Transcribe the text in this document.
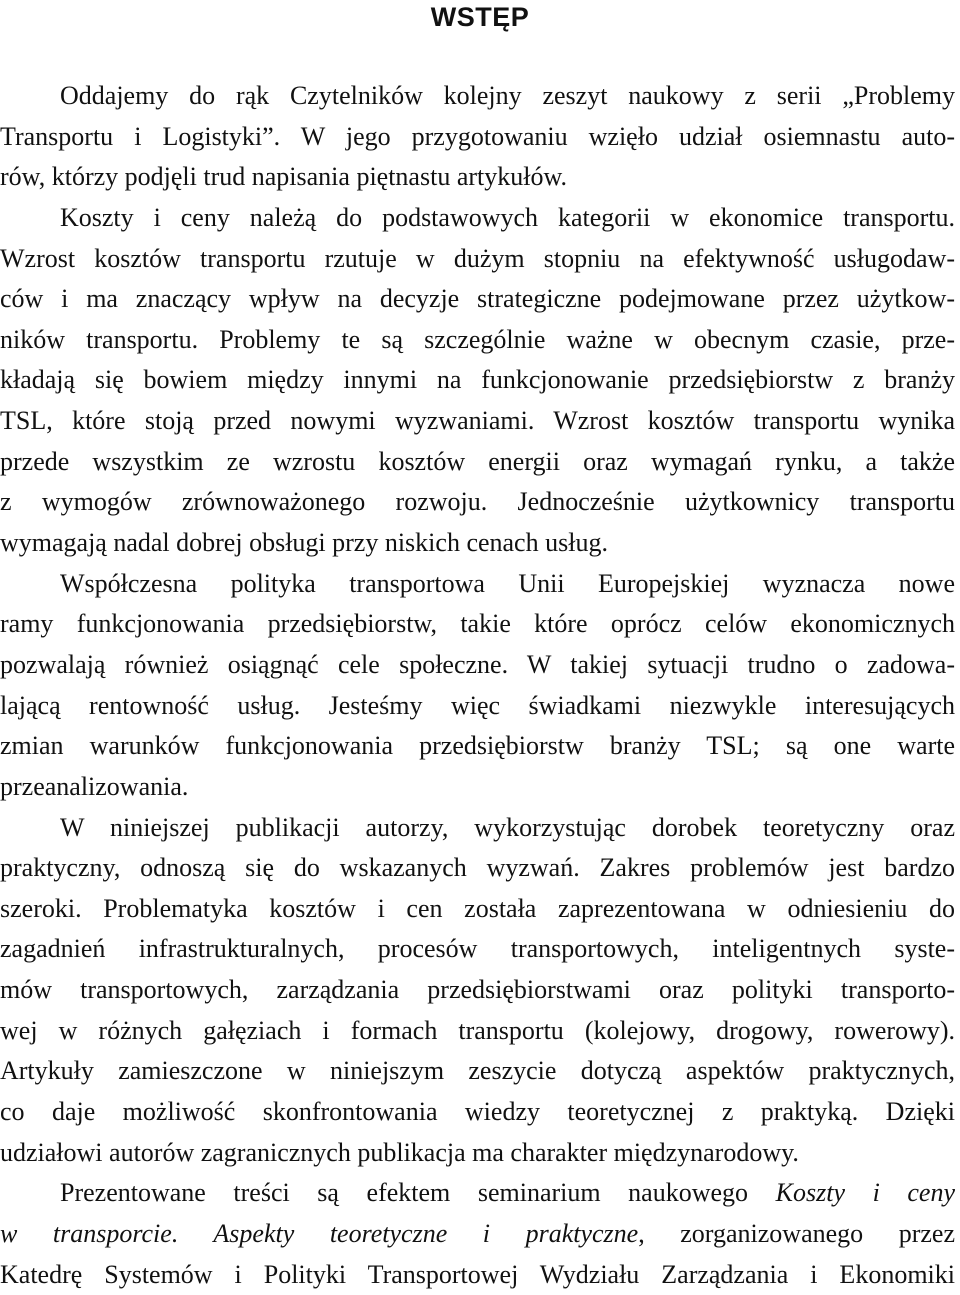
WSTĘP
Oddajemy do rąk Czytelników kolejny zeszyt naukowy z serii „Problemy
Transportu i Logistyki”. W jego przygotowaniu wzięło udział osiemnastu auto-
rów, którzy podjęli trud napisania piętnastu artykułów.
Koszty i ceny należą do podstawowych kategorii w ekonomice transportu.
Wzrost kosztów transportu rzutuje w dużym stopniu na efektywność usługodaw-
ców i ma znaczący wpływ na decyzje strategiczne podejmowane przez użytkow-
ników transportu. Problemy te są szczególnie ważne w obecnym czasie, prze-
kładają się bowiem między innymi na funkcjonowanie przedsiębiorstw z branży
TSL, które stoją przed nowymi wyzwaniami. Wzrost kosztów transportu wynika
przede wszystkim ze wzrostu kosztów energii oraz wymagań rynku, a także
z wymogów zrównoważonego rozwoju. Jednocześnie użytkownicy transportu
wymagają nadal dobrej obsługi przy niskich cenach usług.
Współczesna polityka transportowa Unii Europejskiej wyznacza nowe
ramy funkcjonowania przedsiębiorstw, takie które oprócz celów ekonomicznych
pozwalają również osiągnąć cele społeczne. W takiej sytuacji trudno o zadowa-
lającą rentowność usług. Jesteśmy więc świadkami niezwykle interesujących
zmian warunków funkcjonowania przedsiębiorstw branży TSL; są one warte
przeanalizowania.
W niniejszej publikacji autorzy, wykorzystując dorobek teoretyczny oraz
praktyczny, odnoszą się do wskazanych wyzwań. Zakres problemów jest bardzo
szeroki. Problematyka kosztów i cen została zaprezentowana w odniesieniu do
zagadnień infrastrukturalnych, procesów transportowych, inteligentnych syste-
mów transportowych, zarządzania przedsiębiorstwami oraz polityki transporto-
wej w różnych gałęziach i formach transportu (kolejowy, drogowy, rowerowy).
Artykuły zamieszczone w niniejszym zeszycie dotyczą aspektów praktycznych,
co daje możliwość skonfrontowania wiedzy teoretycznej z praktyką. Dzięki
udziałowi autorów zagranicznych publikacja ma charakter międzynarodowy.
Prezentowane treści są efektem seminarium naukowego Koszty i ceny
w transporcie. Aspekty teoretyczne i praktyczne, zorganizowanego przez
Katedrę Systemów i Polityki Transportowej Wydziału Zarządzania i Ekonomiki
